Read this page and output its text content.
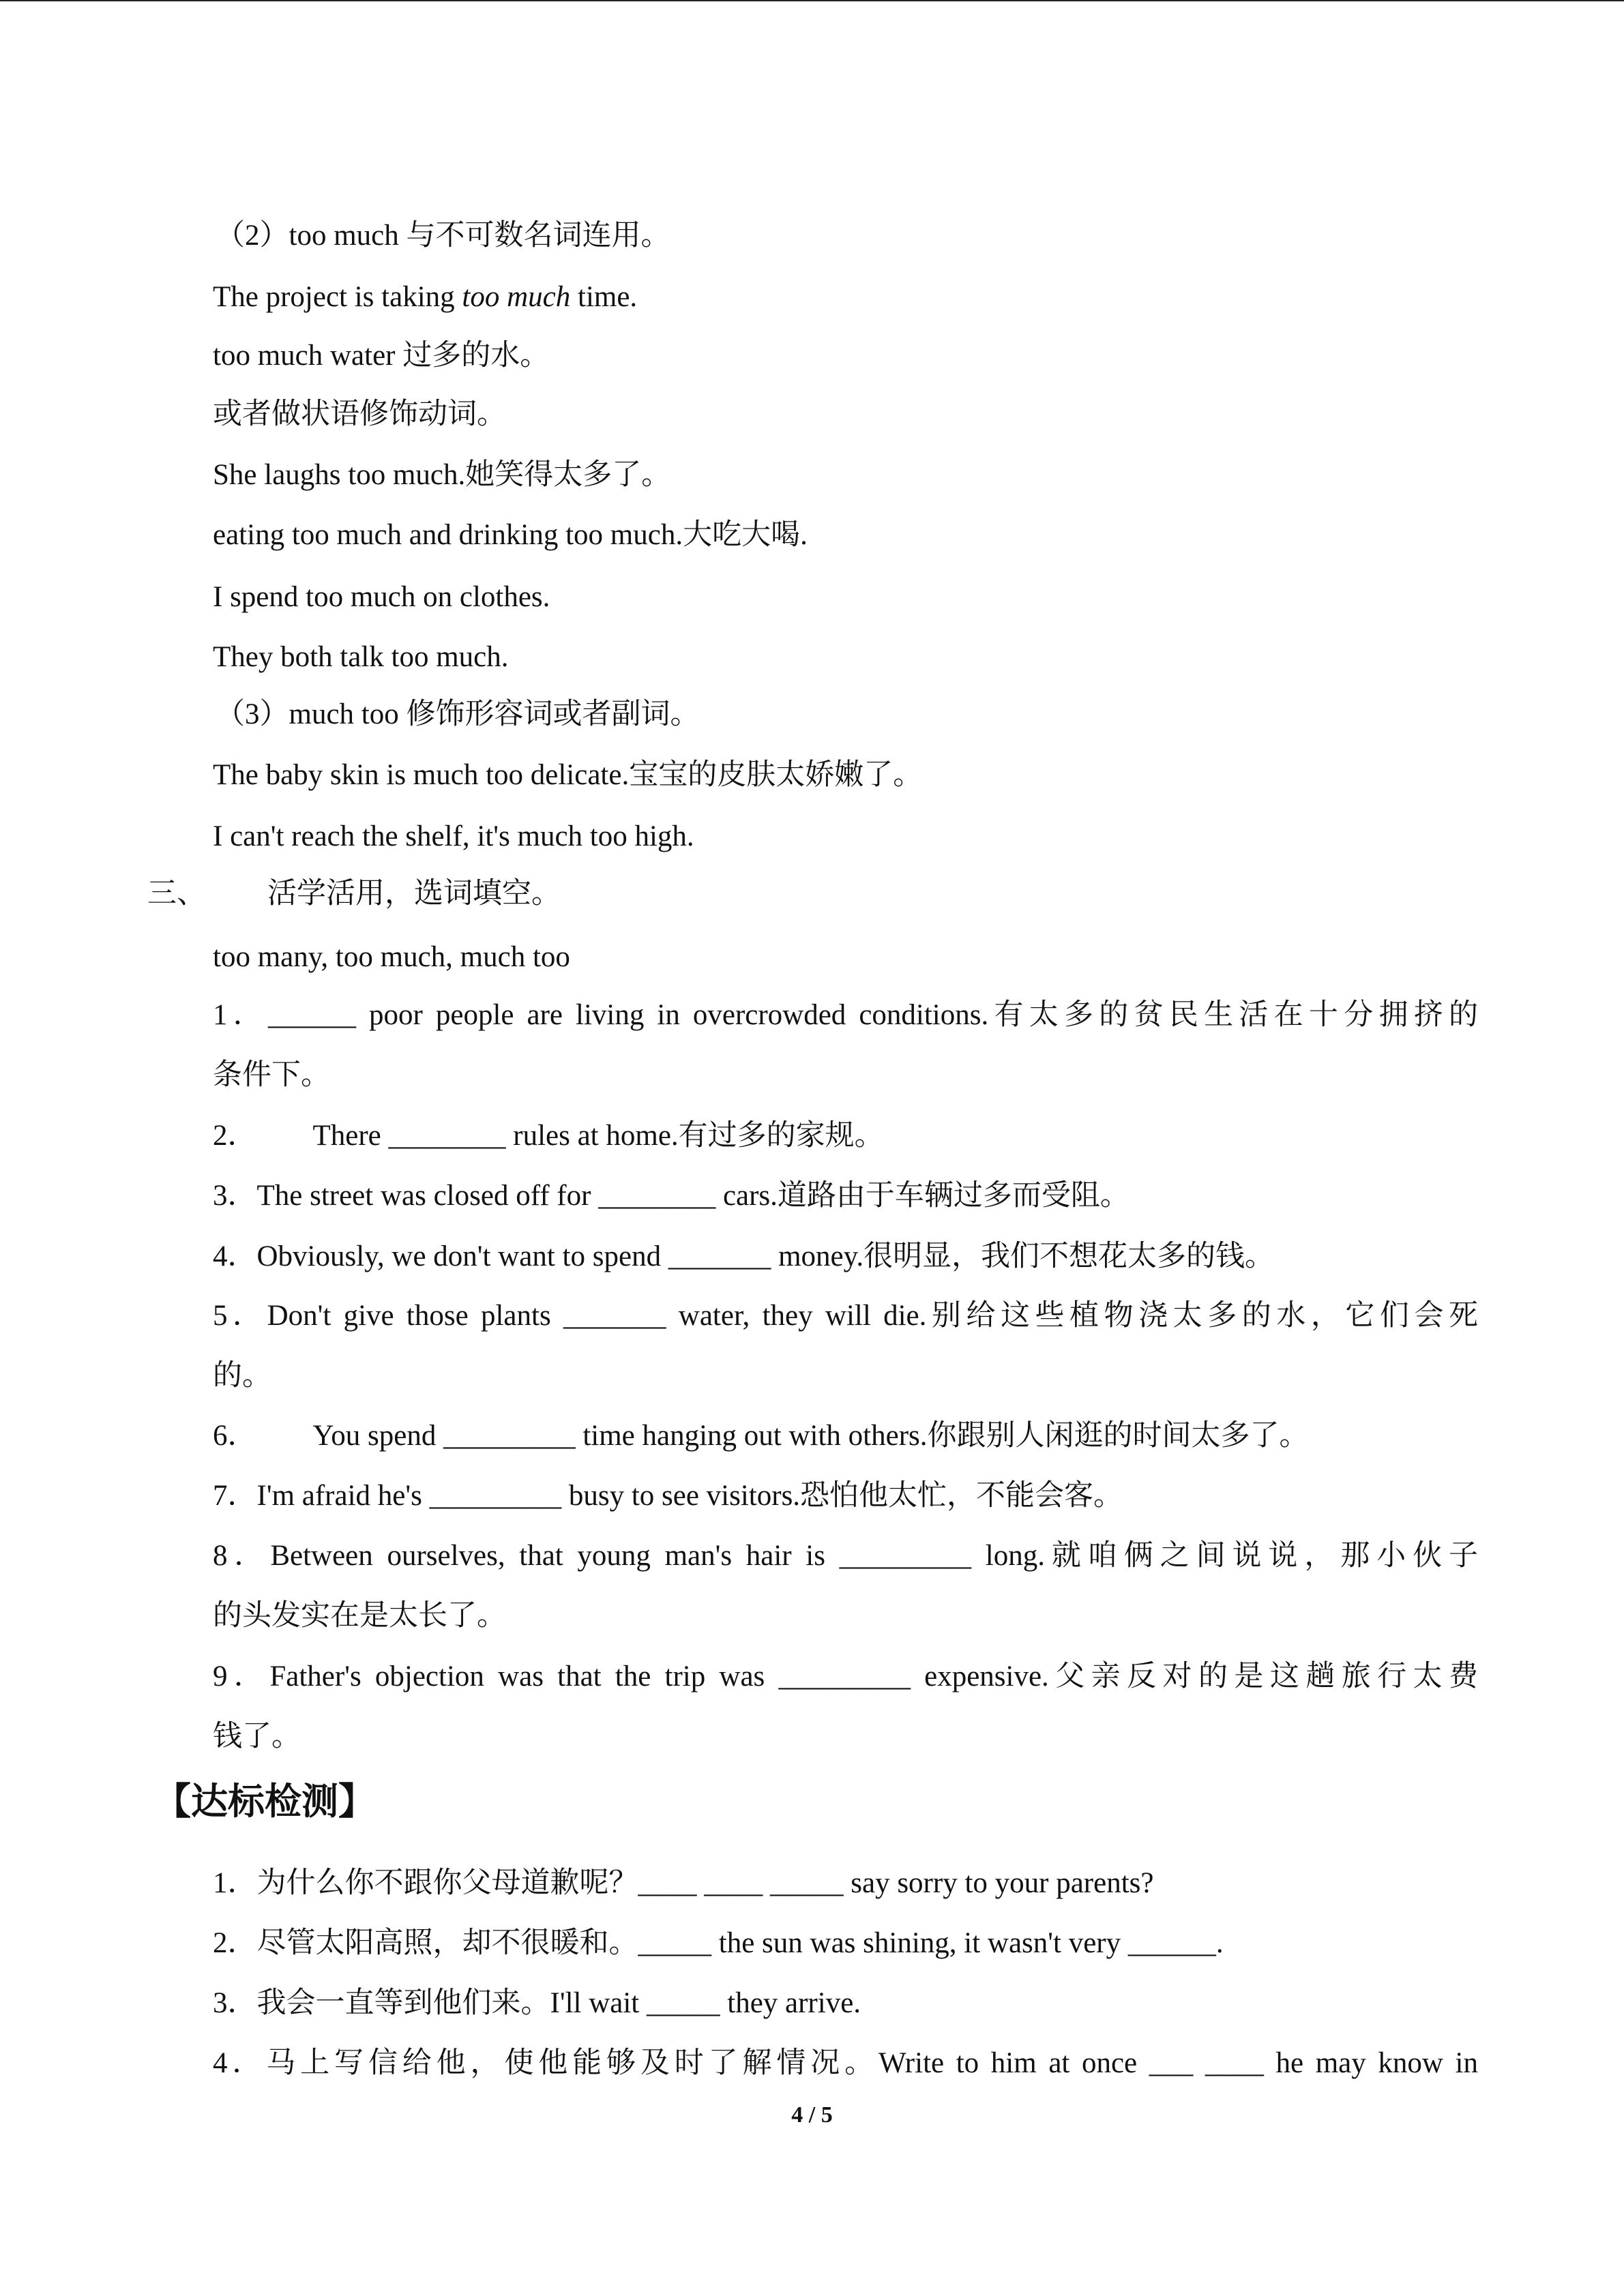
（2）too much 与不可数名词连用。
The project is taking too much time.
too much water 过多的水。
或者做状语修饰动词。
She laughs too much.她笑得太多了。
eating too much and drinking too much.大吃大喝.
I spend too much on clothes.
They both talk too much.
（3）much too 修饰形容词或者副词。
The baby skin is much too delicate.宝宝的皮肤太娇嫩了。
I can't reach the shelf, it's much too high.
三、 活学活用，选词填空。
too many, too much, much too
1．______ poor people are living in overcrowded conditions.有太多的贫民生活在十分拥挤的
条件下。
2． There ________ rules at home.有过多的家规。
3．The street was closed off for ________ cars.道路由于车辆过多而受阻。
4．Obviously, we don't want to spend _______ money.很明显，我们不想花太多的钱。
5．Don't give those plants _______ water, they will die.别给这些植物浇太多的水，它们会死
的。
6． You spend _________ time hanging out with others.你跟别人闲逛的时间太多了。
7．I'm afraid he's _________ busy to see visitors.恐怕他太忙，不能会客。
8．Between ourselves, that young man's hair is _________ long.就咱俩之间说说，那小伙子
的头发实在是太长了。
9．Father's objection was that the trip was _________ expensive.父亲反对的是这趟旅行太费
钱了。
【达标检测】
1．为什么你不跟你父母道歉呢？____ ____ _____ say sorry to your parents?
2．尽管太阳高照，却不很暖和。_____ the sun was shining, it wasn't very ______.
3．我会一直等到他们来。I'll wait _____ they arrive.
4．马上写信给他，使他能够及时了解情况。Write to him at once ___ ____ he may know in
4 / 5
